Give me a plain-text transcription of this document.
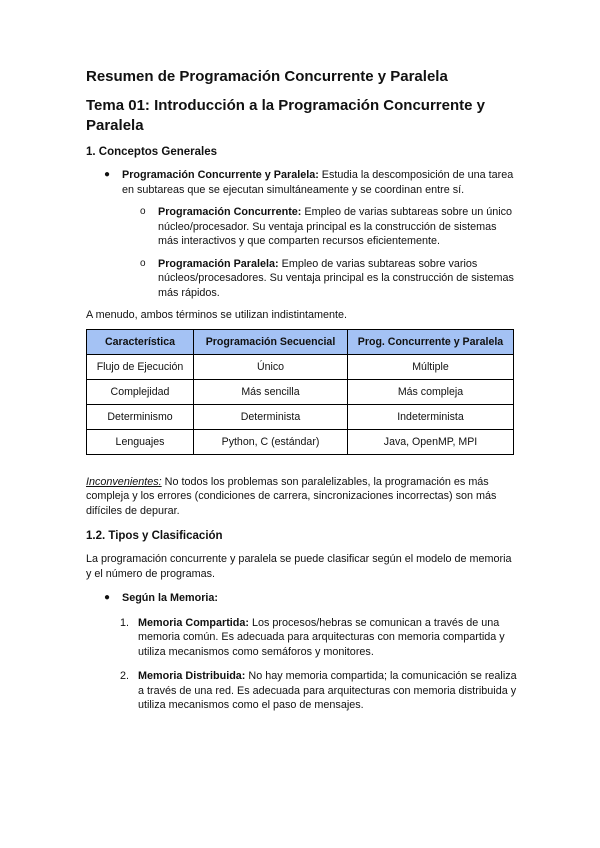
Resumen de Programación Concurrente y Paralela
Tema 01: Introducción a la Programación Concurrente y Paralela
1. Conceptos Generales
● Programación Concurrente y Paralela: Estudia la descomposición de una tarea en subtareas que se ejecutan simultáneamente y se coordinan entre sí.
o Programación Concurrente: Empleo de varias subtareas sobre un único núcleo/procesador. Su ventaja principal es la construcción de sistemas más interactivos y que comparten recursos eficientemente.
o Programación Paralela: Empleo de varias subtareas sobre varios núcleos/procesadores. Su ventaja principal es la construcción de sistemas más rápidos.

A menudo, ambos términos se utilizan indistintamente.

Característica	Programación Secuencial	Prog. Concurrente y Paralela
Flujo de Ejecución	Único	Múltiple
Complejidad	Más sencilla	Más compleja
Determinismo	Determinista	Indeterminista
Lenguajes	Python, C (estándar)	Java, OpenMP, MPI

Inconvenientes: No todos los problemas son paralelizables, la programación es más compleja y los errores (condiciones de carrera, sincronizaciones incorrectas) son más difíciles de depurar.

1.2. Tipos y Clasificación

La programación concurrente y paralela se puede clasificar según el modelo de memoria y el número de programas.

● Según la Memoria:
1. Memoria Compartida: Los procesos/hebras se comunican a través de una memoria común. Es adecuada para arquitecturas con memoria compartida y utiliza mecanismos como semáforos y monitores.
2. Memoria Distribuida: No hay memoria compartida; la comunicación se realiza a través de una red. Es adecuada para arquitecturas con memoria distribuida y utiliza mecanismos como el paso de mensajes.
